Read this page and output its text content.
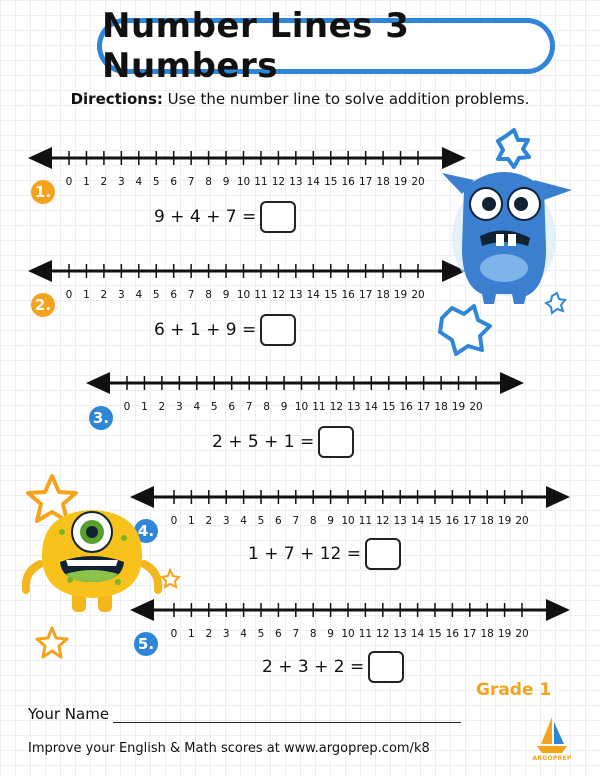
Number Lines 3 Numbers
Directions: Use the number line to solve addition problems.
0 1 2 3 4 5 6 7 8 9 10 11 12 13 14 15 16 17 18 19 20
0 1 2 3 4 5 6 7 8 9 10 11 12 13 14 15 16 17 18 19 20
0 1 2 3 4 5 6 7 8 9 10 11 12 13 14 15 16 17 18 19 20
0 1 2 3 4 5 6 7 8 9 10 11 12 13 14 15 16 17 18 19 20
0 1 2 3 4 5 6 7 8 9 10 11 12 13 14 15 16 17 18 19 20
1.
2.
3.
4.
5.
9 + 4 + 7 =
6 + 1 + 9 =
2 + 5 + 1 =
1 + 7 + 12 =
2 + 3 + 2 =
Grade 1
Your Name
Improve your English & Math scores at www.argoprep.com/k8
ARGOPREP
